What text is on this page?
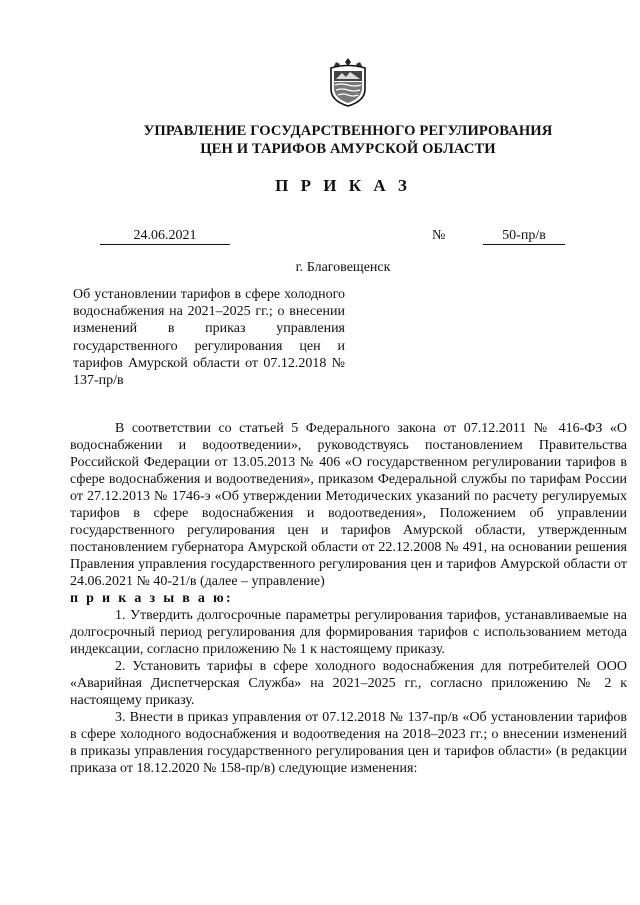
УПРАВЛЕНИЕ ГОСУДАРСТВЕННОГО РЕГУЛИРОВАНИЯ
ЦЕН И ТАРИФОВ АМУРСКОЙ ОБЛАСТИ
П Р И К А З
24.06.2021	№	50-пр/в
г. Благовещенск
Об установлении тарифов в сфере холодного водоснабжения на 2021–2025 гг.; о внесении изменений в приказ управления государственного регулирования цен и тарифов Амурской области от 07.12.2018 № 137-пр/в

В соответствии со статьей 5 Федерального закона от 07.12.2011 № 416-ФЗ «О водоснабжении и водоотведении», руководствуясь постановлением Правительства Российской Федерации от 13.05.2013 № 406 «О государственном регулировании тарифов в сфере водоснабжения и водоотведения», приказом Федеральной службы по тарифам России от 27.12.2013 № 1746-э «Об утверждении Методических указаний по расчету регулируемых тарифов в сфере водоснабжения и водоотведения», Положением об управлении государственного регулирования цен и тарифов Амурской области, утвержденным постановлением губернатора Амурской области от 22.12.2008 № 491, на основании решения Правления управления государственного регулирования цен и тарифов Амурской области от 24.06.2021 № 40-21/в (далее – управление)

п р и к а з ы в а ю:

1. Утвердить долгосрочные параметры регулирования тарифов, устанавливаемые на долгосрочный период регулирования для формирования тарифов с использованием метода индексации, согласно приложению № 1 к настоящему приказу.

2. Установить тарифы в сфере холодного водоснабжения для потребителей ООО «Аварийная Диспетчерская Служба» на 2021–2025 гг., согласно приложению № 2 к настоящему приказу.

3. Внести в приказ управления от 07.12.2018 № 137-пр/в «Об установлении тарифов в сфере холодного водоснабжения и водоотведения на 2018–2023 гг.; о внесении изменений в приказы управления государственного регулирования цен и тарифов области» (в редакции приказа от 18.12.2020 № 158-пр/в) следующие изменения:
